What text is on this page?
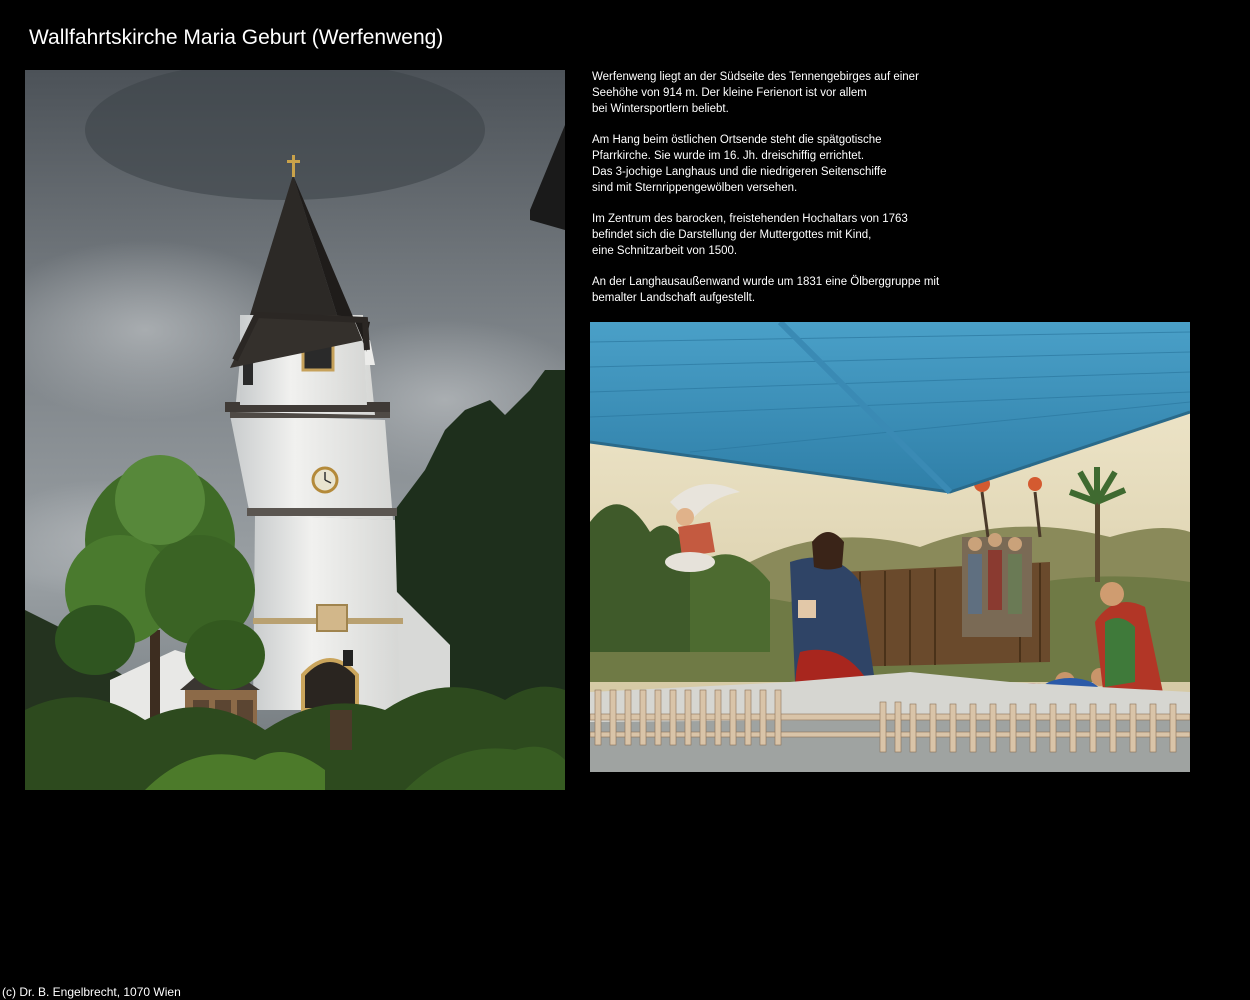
Wallfahrtskirche Maria Geburt (Werfenweng)

Werfenweng liegt an der Südseite des Tennengebirges auf einer
Seehöhe von 914 m. Der kleine Ferienort ist vor allem
bei Wintersportlern beliebt.

Am Hang beim östlichen Ortsende steht die spätgotische
Pfarrkirche. Sie wurde im 16. Jh. dreischiffig errichtet.
Das 3-jochige Langhaus und die niedrigeren Seitenschiffe
sind mit Sternrippengewölben versehen.

Im Zentrum des barocken, freistehenden Hochaltars von 1763
befindet sich die Darstellung der Muttergottes mit Kind,
eine Schnitzarbeit von 1500.

An der Langhausaußenwand wurde um 1831 eine Ölberggruppe mit
bemalter Landschaft aufgestellt.

(c) Dr. B. Engelbrecht, 1070 Wien
